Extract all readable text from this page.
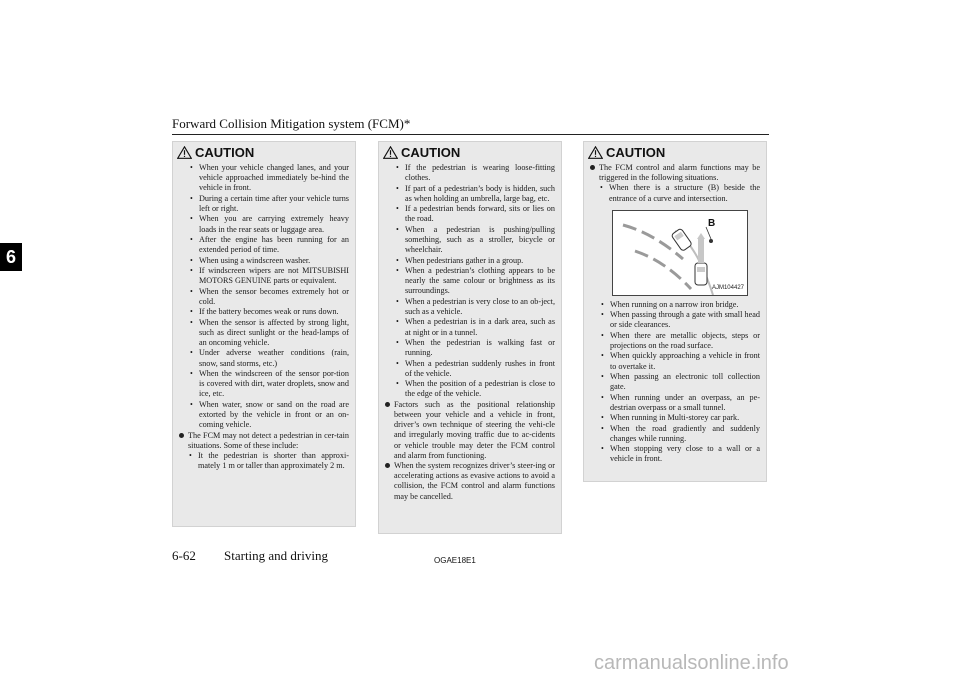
Forward Collision Mitigation system (FCM)*
6
CAUTION
• When your vehicle changed lanes, and your vehicle approached immediately be-hind the vehicle in front.
• During a certain time after your vehicle turns left or right.
• When you are carrying extremely heavy loads in the rear seats or luggage area.
• After the engine has been running for an extended period of time.
• When using a windscreen washer.
• If windscreen wipers are not MITSUBISHI MOTORS GENUINE parts or equivalent.
• When the sensor becomes extremely hot or cold.
• If the battery becomes weak or runs down.
• When the sensor is affected by strong light, such as direct sunlight or the head-lamps of an oncoming vehicle.
• Under adverse weather conditions (rain, snow, sand storms, etc.)
• When the windscreen of the sensor por-tion is covered with dirt, water droplets, snow and ice, etc.
• When water, snow or sand on the road are extorted by the vehicle in front or an on-coming vehicle.
The FCM may not detect a pedestrian in cer-tain situations. Some of these include:
• It the pedestrian is shorter than approxi-mately 1 m or taller than approximately 2 m.
CAUTION
• If the pedestrian is wearing loose-fitting clothes.
• If part of a pedestrian’s body is hidden, such as when holding an umbrella, large bag, etc.
• If a pedestrian bends forward, sits or lies on the road.
• When a pedestrian is pushing/pulling something, such as a stroller, bicycle or wheelchair.
• When pedestrians gather in a group.
• When a pedestrian’s clothing appears to be nearly the same colour or brightness as its surroundings.
• When a pedestrian is very close to an ob-ject, such as a vehicle.
• When a pedestrian is in a dark area, such as at night or in a tunnel.
• When the pedestrian is walking fast or running.
• When a pedestrian suddenly rushes in front of the vehicle.
• When the position of a pedestrian is close to the edge of the vehicle.
Factors such as the positional relationship between your vehicle and a vehicle in front, driver’s own technique of steering the vehi-cle and irregularly moving traffic due to ac-cidents or vehicle trouble may deter the FCM control and alarm from functioning.
When the system recognizes driver’s steer-ing or accelerating actions as evasive actions to avoid a collision, the FCM control and alarm functions may be cancelled.
CAUTION
The FCM control and alarm functions may be triggered in the following situations.
• When there is a structure (B) beside the entrance of a curve and intersection.
B
AJM104427
• When running on a narrow iron bridge.
• When passing through a gate with small head or side clearances.
• When there are metallic objects, steps or projections on the road surface.
• When quickly approaching a vehicle in front to overtake it.
• When passing an electronic toll collection gate.
• When running under an overpass, an pe-destrian overpass or a small tunnel.
• When running in Multi-storey car park.
• When the road gradiently and suddenly changes while running.
• When stopping very close to a wall or a vehicle in front.
6-62 Starting and driving	OGAE18E1
carmanualsonline.info
